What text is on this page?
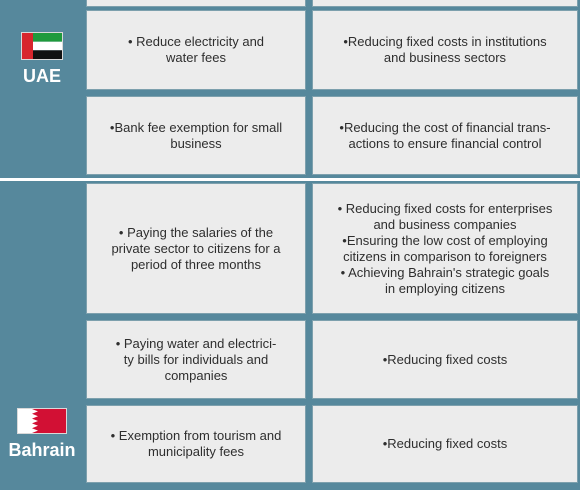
UAE
Bahrain
• Reduce electricity and
water fees
•Reducing fixed costs in institutions
and business sectors
•Bank fee exemption for small
business
•Reducing the cost of financial trans-
actions to ensure financial control
• Paying the salaries of the
private sector to citizens for a
period of three months
• Reducing fixed costs for enterprises
and business companies
•Ensuring the low cost of employing
citizens in comparison to foreigners
• Achieving Bahrain's strategic goals
in employing citizens
• Paying water and electrici-
ty bills for individuals and
companies
•Reducing fixed costs
• Exemption from tourism and
municipality fees
•Reducing fixed costs
